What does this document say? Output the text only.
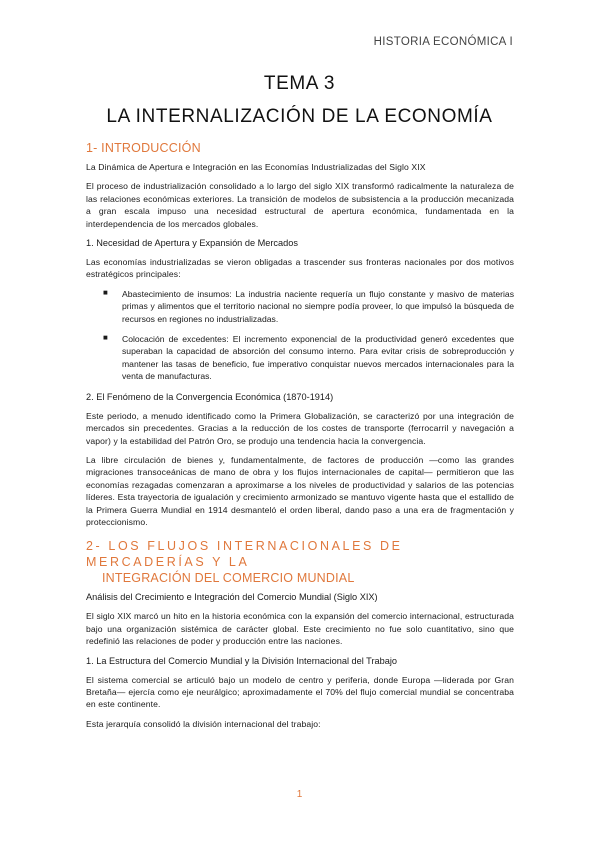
HISTORIA ECONÓMICA I
TEMA 3
LA INTERNALIZACIÓN DE LA ECONOMÍA
1- INTRODUCCIÓN
La Dinámica de Apertura e Integración en las Economías Industrializadas del Siglo XIX
El proceso de industrialización consolidado a lo largo del siglo XIX transformó radicalmente la naturaleza de las relaciones económicas exteriores. La transición de modelos de subsistencia a la producción mecanizada a gran escala impuso una necesidad estructural de apertura económica, fundamentada en la interdependencia de los mercados globales.
1. Necesidad de Apertura y Expansión de Mercados
Las economías industrializadas se vieron obligadas a trascender sus fronteras nacionales por dos motivos estratégicos principales:
■ Abastecimiento de insumos: La industria naciente requería un flujo constante y masivo de materias primas y alimentos que el territorio nacional no siempre podía proveer, lo que impulsó la búsqueda de recursos en regiones no industrializadas.
■ Colocación de excedentes: El incremento exponencial de la productividad generó excedentes que superaban la capacidad de absorción del consumo interno. Para evitar crisis de sobreproducción y mantener las tasas de beneficio, fue imperativo conquistar nuevos mercados internacionales para la venta de manufacturas.
2. El Fenómeno de la Convergencia Económica (1870-1914)
Este periodo, a menudo identificado como la Primera Globalización, se caracterizó por una integración de mercados sin precedentes. Gracias a la reducción de los costes de transporte (ferrocarril y navegación a vapor) y la estabilidad del Patrón Oro, se produjo una tendencia hacia la convergencia.
La libre circulación de bienes y, fundamentalmente, de factores de producción —como las grandes migraciones transoceánicas de mano de obra y los flujos internacionales de capital— permitieron que las economías rezagadas comenzaran a aproximarse a los niveles de productividad y salarios de las potencias líderes. Esta trayectoria de igualación y crecimiento armonizado se mantuvo vigente hasta que el estallido de la Primera Guerra Mundial en 1914 desmanteló el orden liberal, dando paso a una era de fragmentación y proteccionismo.
2- LOS FLUJOS INTERNACIONALES DE MERCADERÍAS Y LA
INTEGRACIÓN DEL COMERCIO MUNDIAL
Análisis del Crecimiento e Integración del Comercio Mundial (Siglo XIX)
El siglo XIX marcó un hito en la historia económica con la expansión del comercio internacional, estructurada bajo una organización sistémica de carácter global. Este crecimiento no fue solo cuantitativo, sino que redefinió las relaciones de poder y producción entre las naciones.
1. La Estructura del Comercio Mundial y la División Internacional del Trabajo
El sistema comercial se articuló bajo un modelo de centro y periferia, donde Europa —liderada por Gran Bretaña— ejercía como eje neurálgico; aproximadamente el 70% del flujo comercial mundial se concentraba en este continente.
Esta jerarquía consolidó la división internacional del trabajo:
1
